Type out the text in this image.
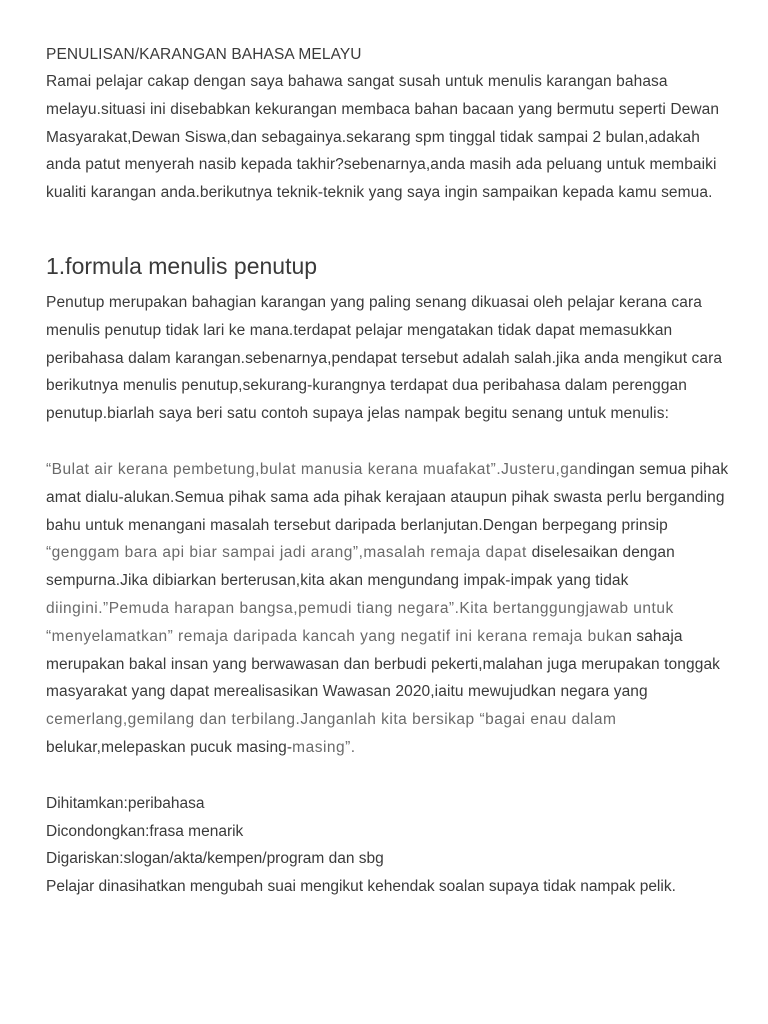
PENULISAN/KARANGAN BAHASA MELAYU

Ramai pelajar cakap dengan saya bahawa sangat susah untuk menulis karangan bahasa
melayu.situasi ini disebabkan kekurangan membaca bahan bacaan yang bermutu seperti Dewan
Masyarakat,Dewan Siswa,dan sebagainya.sekarang spm tinggal tidak sampai 2 bulan,adakah
anda patut menyerah nasib kepada takhir?sebenarnya,anda masih ada peluang untuk membaiki
kualiti karangan anda.berikutnya teknik-teknik yang saya ingin sampaikan kepada kamu semua.
1.formula menulis penutup
Penutup merupakan bahagian karangan yang paling senang dikuasai oleh pelajar kerana cara
menulis penutup tidak lari ke mana.terdapat pelajar mengatakan tidak dapat memasukkan
peribahasa dalam karangan.sebenarnya,pendapat tersebut adalah salah.jika anda mengikut cara
berikutnya menulis penutup,sekurang-kurangnya terdapat dua peribahasa dalam perenggan
penutup.biarlah saya beri satu contoh supaya jelas nampak begitu senang untuk menulis:
“Bulat air kerana pembetung,bulat manusia kerana muafakat”.Justeru,gandingan semua pihak
amat dialu-alukan.Semua pihak sama ada pihak kerajaan ataupun pihak swasta perlu berganding
bahu untuk menangani masalah tersebut daripada berlanjutan.Dengan berpegang prinsip
“genggam bara api biar sampai jadi arang”,masalah remaja dapat diselesaikan dengan
sempurna.Jika dibiarkan berterusan,kita akan mengundang impak-impak yang tidak
diingini.”Pemuda harapan bangsa,pemudi tiang negara”.Kita bertanggungjawab untuk
“menyelamatkan” remaja daripada kancah yang negatif ini kerana remaja bukan sahaja
merupakan bakal insan yang berwawasan dan berbudi pekerti,malahan juga merupakan tonggak
masyarakat yang dapat merealisasikan Wawasan 2020,iaitu mewujudkan negara yang
cemerlang,gemilang dan terbilang.Janganlah kita bersikap “bagai enau dalam
belukar,melepaskan pucuk masing-masing”.
Dihitamkan:peribahasa
Dicondongkan:frasa menarik
Digariskan:slogan/akta/kempen/program dan sbg
Pelajar dinasihatkan mengubah suai mengikut kehendak soalan supaya tidak nampak pelik.
